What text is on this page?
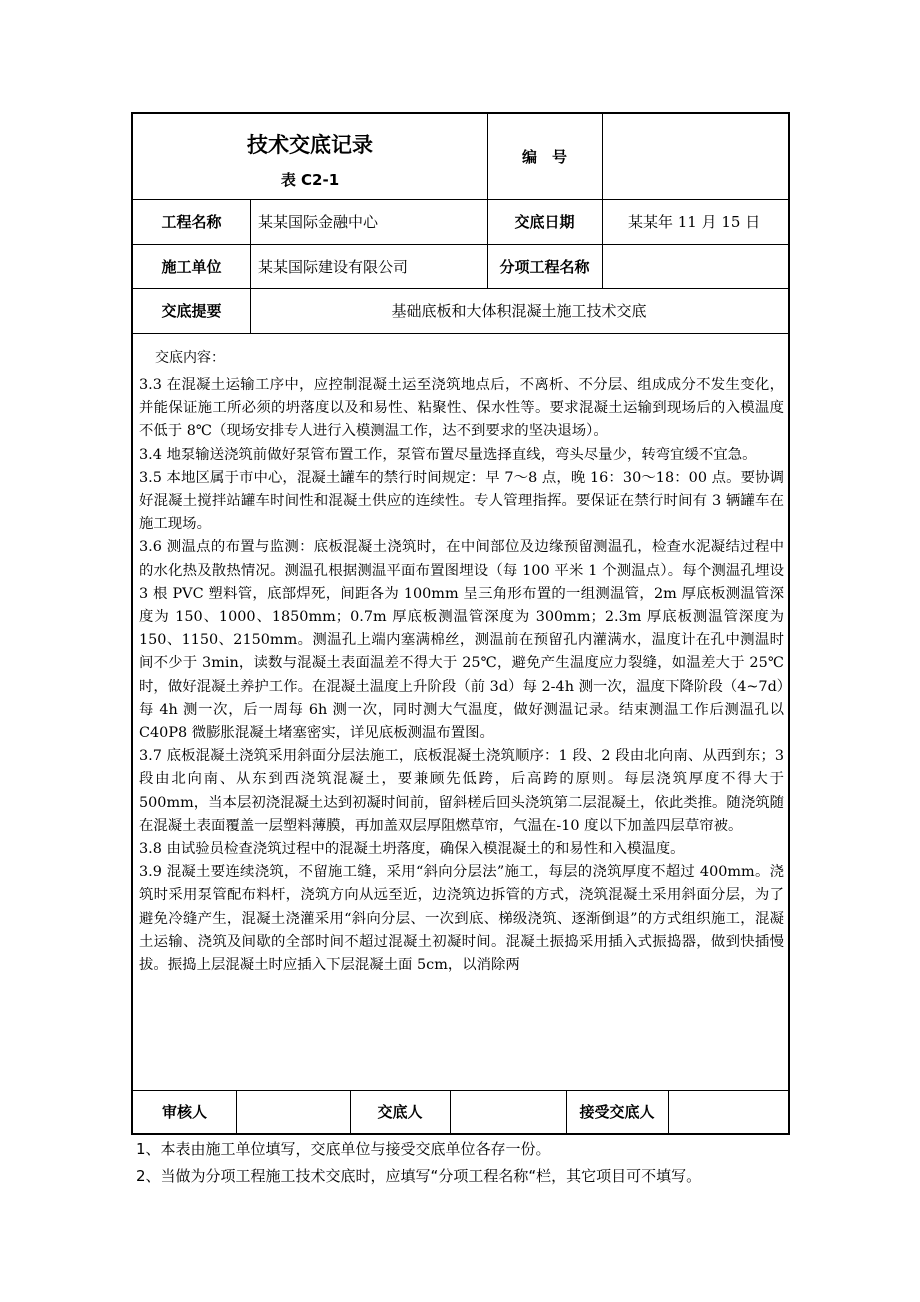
技术交底记录
表 C2-1
编　号
工程名称	某某国际金融中心	交底日期	某某年 11 月 15 日
施工单位	某某国际建设有限公司	分项工程名称
交底提要	基础底板和大体积混凝土施工技术交底
交底内容：

3.3 在混凝土运输工序中，应控制混凝土运至浇筑地点后，不离析、不分层、组成成分不发生变化，并能保证施工所必须的坍落度以及和易性、粘聚性、保水性等。要求混凝土运输到现场后的入模温度不低于 8℃（现场安排专人进行入模测温工作，达不到要求的坚决退场）。

3.4 地泵输送浇筑前做好泵管布置工作，泵管布置尽量选择直线，弯头尽量少，转弯宜缓不宜急。

3.5 本地区属于市中心，混凝土罐车的禁行时间规定：早 7～8 点，晚 16：30～18：00 点。要协调好混凝土搅拌站罐车时间性和混凝土供应的连续性。专人管理指挥。要保证在禁行时间有 3 辆罐车在施工现场。

3.6 测温点的布置与监测：底板混凝土浇筑时，在中间部位及边缘预留测温孔，检查水泥凝结过程中的水化热及散热情况。测温孔根据测温平面布置图埋设（每 100 平米 1 个测温点）。每个测温孔埋设 3 根 PVC 塑料管，底部焊死，间距各为 100mm 呈三角形布置的一组测温管，2m 厚底板测温管深度为 150、1000、1850mm；0.7m 厚底板测温管深度为 300mm；2.3m 厚底板测温管深度为 150、1150、2150mm。测温孔上端内塞满棉丝，测温前在预留孔内灌满水，温度计在孔中测温时间不少于 3min，读数与混凝土表面温差不得大于 25℃，避免产生温度应力裂缝，如温差大于 25℃时，做好混凝土养护工作。在混凝土温度上升阶段（前 3d）每 2-4h 测一次，温度下降阶段（4~7d）每 4h 测一次，后一周每 6h 测一次，同时测大气温度，做好测温记录。结束测温工作后测温孔以 C40P8 微膨胀混凝土堵塞密实，详见底板测温布置图。

3.7 底板混凝土浇筑采用斜面分层法施工，底板混凝土浇筑顺序：1 段、2 段由北向南、从西到东；3 段由北向南、从东到西浇筑混凝土，要兼顾先低跨，后高跨的原则。每层浇筑厚度不得大于 500mm，当本层初浇混凝土达到初凝时间前，留斜槎后回头浇筑第二层混凝土，依此类推。随浇筑随在混凝土表面覆盖一层塑料薄膜，再加盖双层厚阻燃草帘，气温在-10 度以下加盖四层草帘被。

3.8 由试验员检查浇筑过程中的混凝土坍落度，确保入模混凝土的和易性和入模温度。

3.9 混凝土要连续浇筑，不留施工缝，采用“斜向分层法”施工，每层的浇筑厚度不超过 400mm。浇筑时采用泵管配布料杆，浇筑方向从远至近，边浇筑边拆管的方式，浇筑混凝土采用斜面分层，为了避免冷缝产生，混凝土浇灌采用“斜向分层、一次到底、梯级浇筑、逐渐倒退”的方式组织施工，混凝土运输、浇筑及间歇的全部时间不超过混凝土初凝时间。混凝土振捣采用插入式振捣器，做到快插慢拔。振捣上层混凝土时应插入下层混凝土面 5cm，以消除两

审核人	交底人	接受交底人
1、本表由施工单位填写，交底单位与接受交底单位各存一份。
2、当做为分项工程施工技术交底时，应填写“分项工程名称“栏，其它项目可不填写。
